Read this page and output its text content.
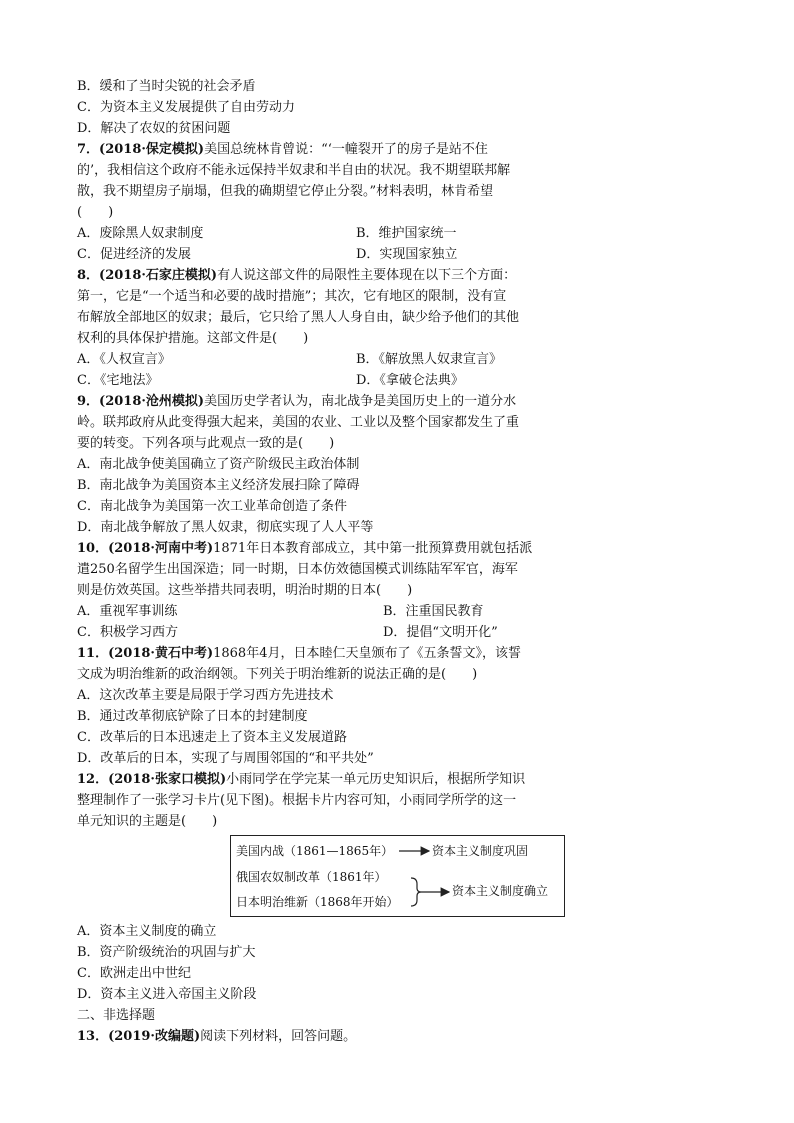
B．缓和了当时尖锐的社会矛盾
C．为资本主义发展提供了自由劳动力
D．解决了农奴的贫困问题
7．(2018·保定模拟)美国总统林肯曾说：“‘一幢裂开了的房子是站不住
的’，我相信这个政府不能永远保持半奴隶和半自由的状况。我不期望联邦解
散，我不期望房子崩塌，但我的确期望它停止分裂。”材料表明，林肯希望
(　　)
A．废除黑人奴隶制度	B．维护国家统一
C．促进经济的发展	D．实现国家独立
8．(2018·石家庄模拟)有人说这部文件的局限性主要体现在以下三个方面：
第一，它是“一个适当和必要的战时措施”；其次，它有地区的限制，没有宣
布解放全部地区的奴隶；最后，它只给了黑人人身自由，缺少给予他们的其他
权利的具体保护措施。这部文件是(　　)
A．《人权宣言》	B．《解放黑人奴隶宣言》
C．《宅地法》	D．《拿破仑法典》
9．(2018·沧州模拟)美国历史学者认为，南北战争是美国历史上的一道分水
岭。联邦政府从此变得强大起来，美国的农业、工业以及整个国家都发生了重
要的转变。下列各项与此观点一致的是(　　)
A．南北战争使美国确立了资产阶级民主政治体制
B．南北战争为美国资本主义经济发展扫除了障碍
C．南北战争为美国第一次工业革命创造了条件
D．南北战争解放了黑人奴隶，彻底实现了人人平等
10．(2018·河南中考)1871年日本教育部成立，其中第一批预算费用就包括派
遣250名留学生出国深造；同一时期，日本仿效德国模式训练陆军军官，海军
则是仿效英国。这些举措共同表明，明治时期的日本(　　)
A．重视军事训练	B．注重国民教育
C．积极学习西方	D．提倡“文明开化”
11．(2018·黄石中考)1868年4月，日本睦仁天皇颁布了《五条誓文》，该誓
文成为明治维新的政治纲领。下列关于明治维新的说法正确的是(　　)
A．这次改革主要是局限于学习西方先进技术
B．通过改革彻底铲除了日本的封建制度
C．改革后的日本迅速走上了资本主义发展道路
D．改革后的日本，实现了与周围邻国的“和平共处”
12．(2018·张家口模拟)小雨同学在学完某一单元历史知识后，根据所学知识
整理制作了一张学习卡片(见下图)。根据卡片内容可知，小雨同学所学的这一
单元知识的主题是(　　)
美国内战（1861—1865年）	资本主义制度巩固
俄国农奴制改革（1861年）
日本明治维新（1868年开始）
资本主义制度确立
A．资本主义制度的确立
B．资产阶级统治的巩固与扩大
C．欧洲走出中世纪
D．资本主义进入帝国主义阶段
二、非选择题
13．(2019·改编题)阅读下列材料，回答问题。
